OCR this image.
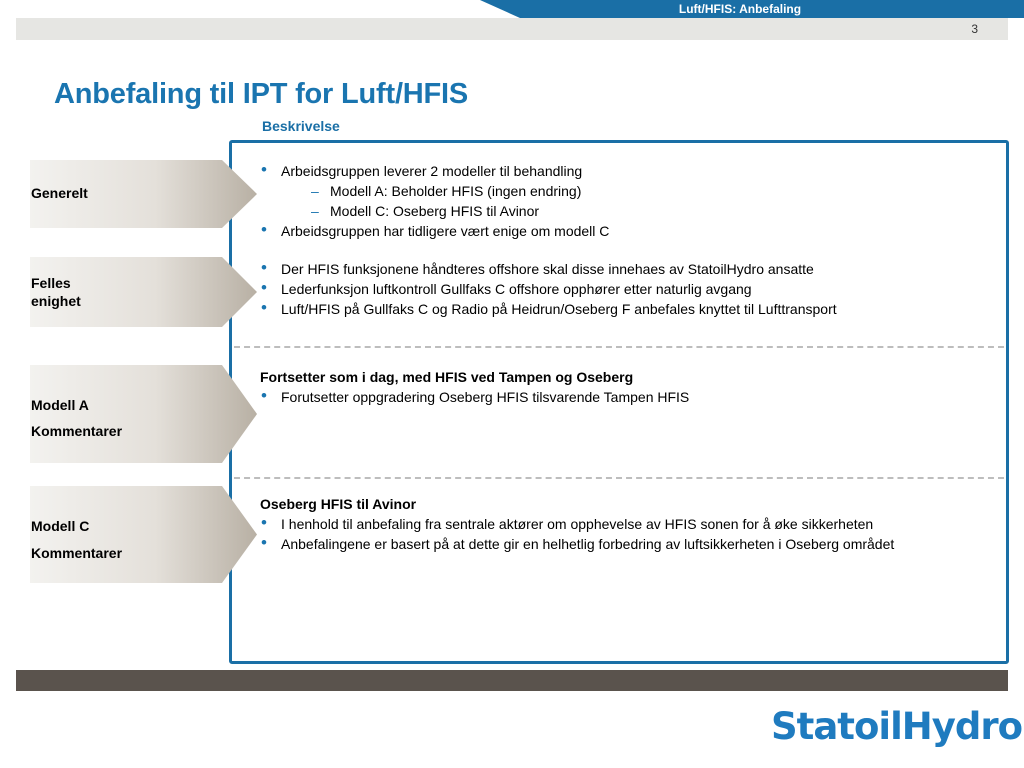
Luft/HFIS: Anbefaling
3
Anbefaling til IPT for Luft/HFIS
Beskrivelse
Generelt
Felles
enighet
Modell A
Kommentarer
Modell C
Kommentarer
• Arbeidsgruppen leverer 2 modeller til behandling
– Modell A: Beholder HFIS (ingen endring)
– Modell C: Oseberg HFIS til Avinor
• Arbeidsgruppen har tidligere vært enige om modell C
• Der HFIS funksjonene håndteres offshore skal disse innehaes av StatoilHydro ansatte
• Lederfunksjon luftkontroll Gullfaks C offshore opphører etter naturlig avgang
• Luft/HFIS på Gullfaks C og Radio på Heidrun/Oseberg F anbefales knyttet til Lufttransport
Fortsetter som i dag, med HFIS ved Tampen og Oseberg
• Forutsetter oppgradering Oseberg HFIS tilsvarende Tampen HFIS
Oseberg HFIS til Avinor
• I henhold til anbefaling fra sentrale aktører om opphevelse av HFIS sonen for å øke sikkerheten
• Anbefalingene er basert på at dette gir en helhetlig forbedring av luftsikkerheten i Oseberg området
StatoilHydro
